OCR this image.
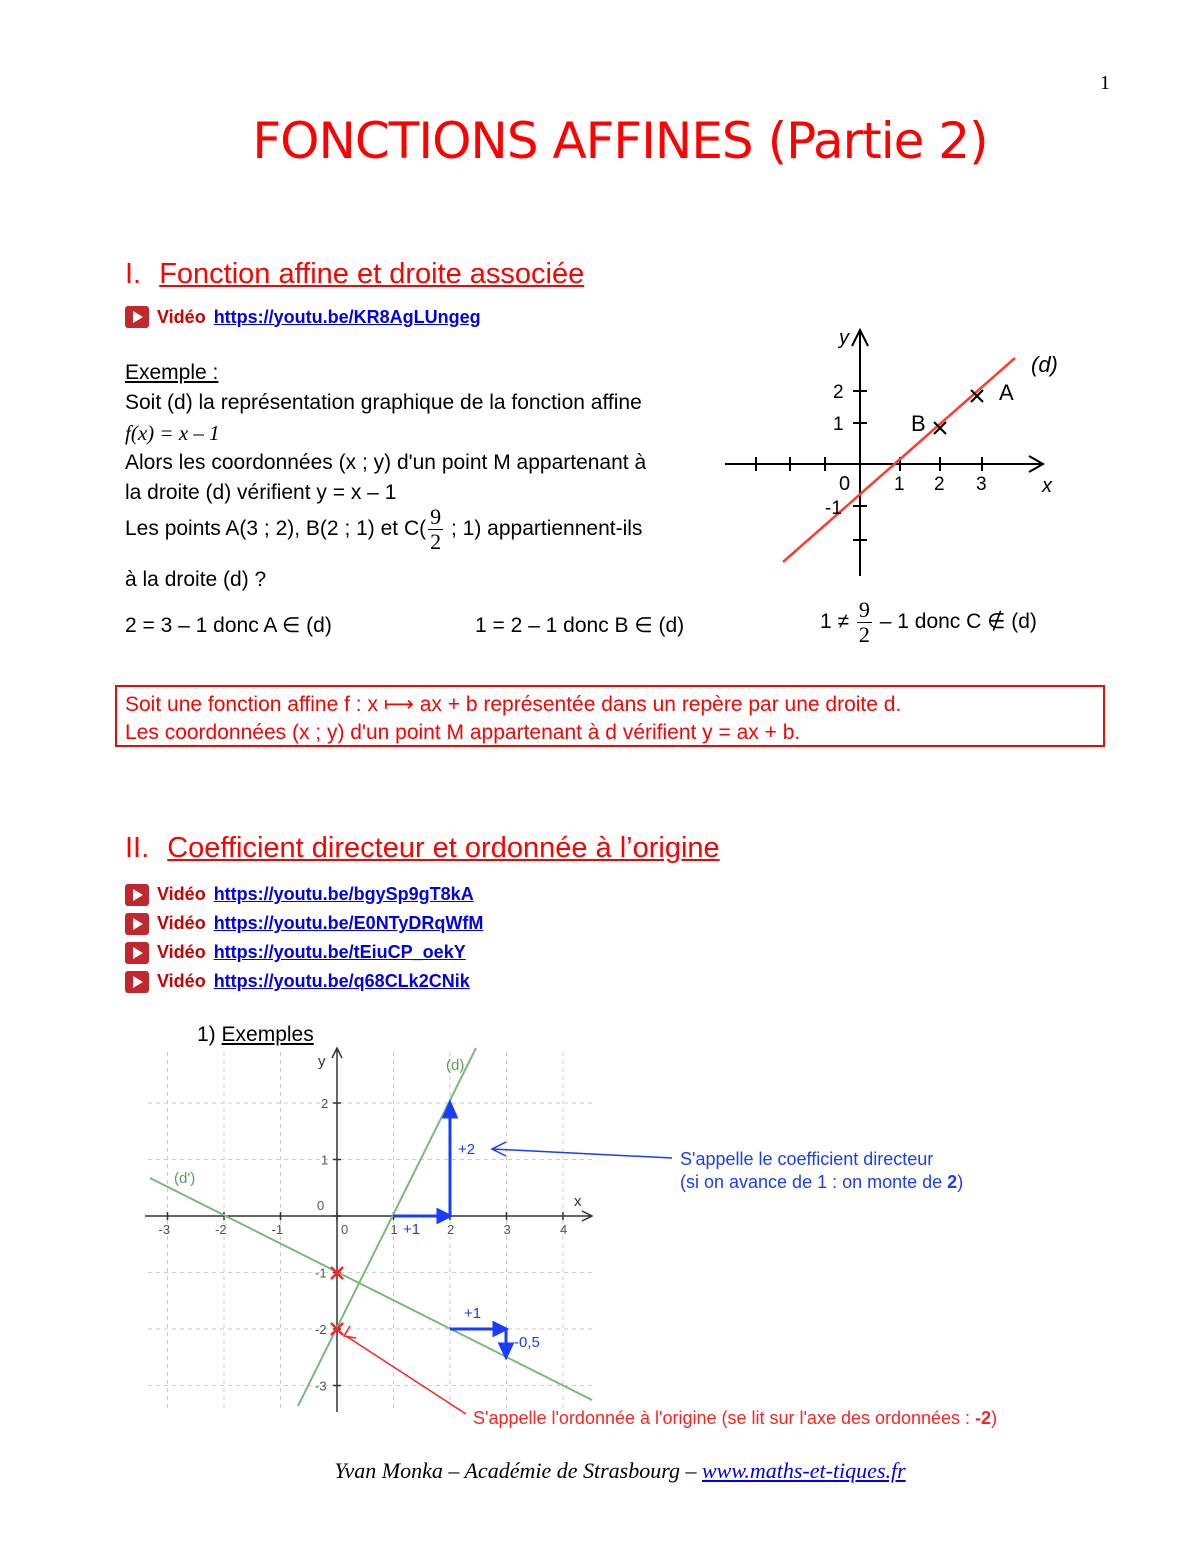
1
FONCTIONS AFFINES (Partie 2)
I. Fonction affine et droite associée
Vidéo https://youtu.be/KR8AgLUngeg
Exemple :
Soit (d) la représentation graphique de la fonction affine
f(x) = x – 1
Alors les coordonnées (x ; y) d'un point M appartenant à
la droite (d) vérifient y = x – 1
Les points A(3 ; 2), B(2 ; 1) et $C( \frac{9}{2}$ ; 1) appartiennent-ils
à la droite (d) ?
2 = 3 – 1 donc A ∈ (d)	1 = 2 – 1 donc B ∈ (d)	$1 \ne \frac{9}{2} - 1$ donc C ∉ (d)
Soit une fonction affine f : x ⟼ ax + b représentée dans un repère par une droite d.
Les coordonnées (x ; y) d'un point M appartenant à d vérifient y = ax + b.
y
x
(d)
A
B
0 1 2 3
2
1
-1
II. Coefficient directeur et ordonnée à l’origine
Vidéo https://youtu.be/bgySp9gT8kA
Vidéo https://youtu.be/E0NTyDRqWfM
Vidéo https://youtu.be/tEiuCP_oekY
Vidéo https://youtu.be/q68CLk2CNik
1) Exemples
x
y	(d)
(d')
+1
+2
+1
-0,5
-3	-2	-1	0	1	2	3	4
2
1
0
-1
-2
-3
S'appelle le coefficient directeur
(si on avance de 1 : on monte de 2)
S'appelle l'ordonnée à l'origine (se lit sur l'axe des ordonnées : -2)
Yvan Monka – Académie de Strasbourg – www.maths-et-tiques.fr
